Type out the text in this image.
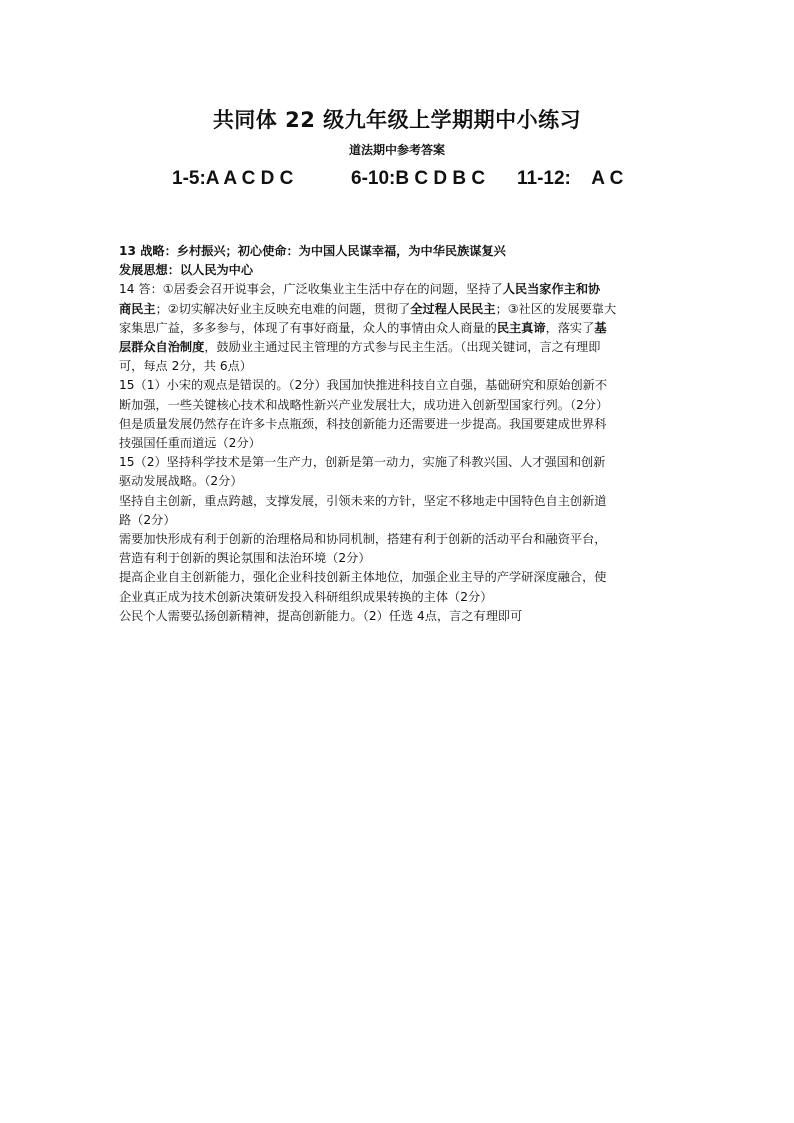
共同体 22 级九年级上学期期中小练习
道法期中参考答案
1-5:A A C D C	6-10:B C D B C 11-12:    A C
13 战略：乡村振兴；初心使命：为中国人民谋幸福，为中华民族谋复兴
发展思想：以人民为中心
14 答：①居委会召开说事会，广泛收集业主生活中存在的问题，坚持了人民当家作主和协
商民主；②切实解决好业主反映充电难的问题，贯彻了全过程人民民主；③社区的发展要靠大
家集思广益，多多参与，体现了有事好商量，众人的事情由众人商量的民主真谛，落实了基
层群众自治制度，鼓励业主通过民主管理的方式参与民主生活。（出现关键词，言之有理即
可，每点 2分，共 6点）
15（1）小宋的观点是错误的。（2分）我国加快推进科技自立自强，基础研究和原始创新不
断加强，一些关键核心技术和战略性新兴产业发展壮大，成功进入创新型国家行列。（2分）
但是质量发展仍然存在许多卡点瓶颈，科技创新能力还需要进一步提高。我国要建成世界科
技强国任重而道远（2分）
15（2）坚持科学技术是第一生产力，创新是第一动力，实施了科教兴国、人才强国和创新
驱动发展战略。（2分）
坚持自主创新，重点跨越，支撑发展，引领未来的方针，坚定不移地走中国特色自主创新道
路（2分）
需要加快形成有利于创新的治理格局和协同机制，搭建有利于创新的活动平台和融资平台，
营造有利于创新的舆论氛围和法治环境（2分）
提高企业自主创新能力，强化企业科技创新主体地位，加强企业主导的产学研深度融合，使
企业真正成为技术创新决策研发投入科研组织成果转换的主体（2分）
公民个人需要弘扬创新精神，提高创新能力。（2）任选 4点，言之有理即可
